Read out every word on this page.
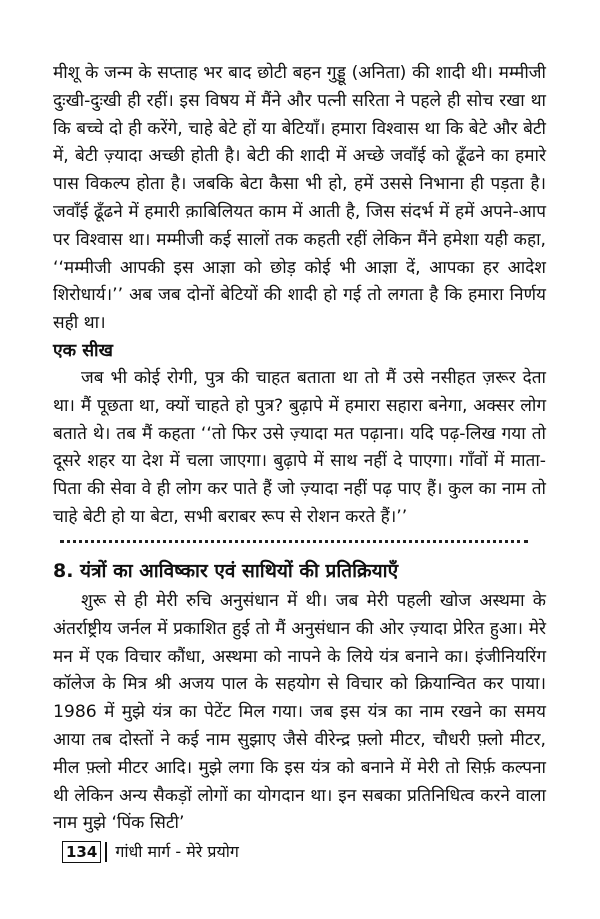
मीशू के जन्म के सप्ताह भर बाद छोटी बहन गुड्डू (अनिता) की शादी थी। मम्मीजी दुःखी-दुःखी ही रहीं। इस विषय में मैंने और पत्नी सरिता ने पहले ही सोच रखा था कि बच्चे दो ही करेंगे, चाहे बेटे हों या बेटियाँ। हमारा विश्वास था कि बेटे और बेटी में, बेटी ज़्यादा अच्छी होती है। बेटी की शादी में अच्छे जवाँई को ढूँढने का हमारे पास विकल्प होता है। जबकि बेटा कैसा भी हो, हमें उससे निभाना ही पड़ता है। जवाँई ढूँढने में हमारी क़ाबिलियत काम में आती है, जिस संदर्भ में हमें अपने-आप पर विश्वास था। मम्मीजी कई सालों तक कहती रहीं लेकिन मैंने हमेशा यही कहा, ‘‘मम्मीजी आपकी इस आज्ञा को छोड़ कोई भी आज्ञा दें, आपका हर आदेश शिरोधार्य।’’ अब जब दोनों बेटियों की शादी हो गई तो लगता है कि हमारा निर्णय सही था।

एक सीख

जब भी कोई रोगी, पुत्र की चाहत बताता था तो मैं उसे नसीहत ज़रूर देता था। मैं पूछता था, क्यों चाहते हो पुत्र? बुढ़ापे में हमारा सहारा बनेगा, अक्सर लोग बताते थे। तब मैं कहता ‘‘तो फिर उसे ज़्यादा मत पढ़ाना। यदि पढ़-लिख गया तो दूसरे शहर या देश में चला जाएगा। बुढ़ापे में साथ नहीं दे पाएगा। गाँवों में माता-पिता की सेवा वे ही लोग कर पाते हैं जो ज़्यादा नहीं पढ़ पाए हैं। कुल का नाम तो चाहे बेटी हो या बेटा, सभी बराबर रूप से रोशन करते हैं।’’

8. यंत्रों का आविष्कार एवं साथियों की प्रतिक्रियाएँ

शुरू से ही मेरी रुचि अनुसंधान में थी। जब मेरी पहली खोज अस्थमा के अंतर्राष्ट्रीय जर्नल में प्रकाशित हुई तो मैं अनुसंधान की ओर ज़्यादा प्रेरित हुआ। मेरे मन में एक विचार कौंधा, अस्थमा को नापने के लिये यंत्र बनाने का। इंजीनियरिंग कॉलेज के मित्र श्री अजय पाल के सहयोग से विचार को क्रियान्वित कर पाया। 1986 में मुझे यंत्र का पेटेंट मिल गया। जब इस यंत्र का नाम रखने का समय आया तब दोस्तों ने कई नाम सुझाए जैसे वीरेन्द्र फ़्लो मीटर, चौधरी फ़्लो मीटर, मील फ़्लो मीटर आदि। मुझे लगा कि इस यंत्र को बनाने में मेरी तो सिर्फ़ कल्पना थी लेकिन अन्य सैकड़ों लोगों का योगदान था। इन सबका प्रतिनिधित्व करने वाला नाम मुझे ‘पिंक सिटी’

134 गांधी मार्ग - मेरे प्रयोग
